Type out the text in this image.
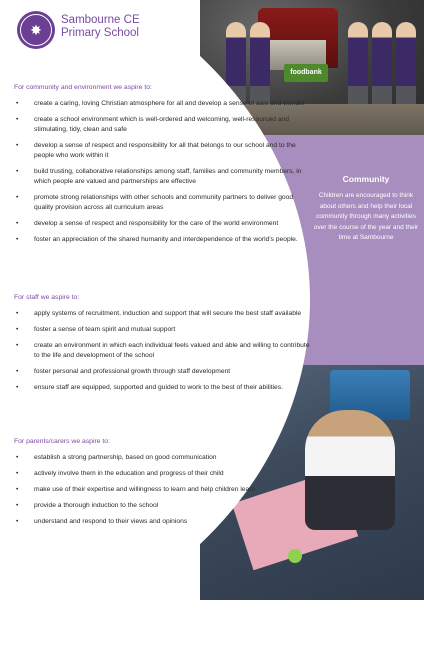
foodbank
Community
Children are encouraged to think about others and help their local community through many activities over the course of the year and their time at Sambourne
✸
Sambourne CE
Primary School
For community and environment we aspire to:
• create a caring, loving Christian atmosphere for all and develop a sense of awe and wonder
• create a school environment which is well-ordered and welcoming, well-resourced and stimulating, tidy, clean and safe
• develop a sense of respect and responsibility for all that belongs to our school and to the people who work within it
• build trusting, collaborative relationships among staff, families and community members, in which people are valued and partnerships are effective
• promote strong relationships with other schools and community partners to deliver good quality provision across all curriculum areas
• develop a sense of respect and responsibility for the care of the world environment
• foster an appreciation of the shared humanity and interdependence of the world's people.
For staff we aspire to:
• apply systems of recruitment, induction and support that will secure the best staff available
• foster a sense of team spirit and mutual support
• create an environment in which each individual feels valued and able and willing to contribute to the life and development of the school
• foster personal and professional growth through staff development
• ensure staff are equipped, supported and guided to work to the best of their abilities.
For parents/carers we aspire to:
• establish a strong partnership, based on good communication
• actively involve them in the education and progress of their child
• make use of their expertise and willingness to learn and help children learn
• provide a thorough induction to the school
• understand and respond to their views and opinions
